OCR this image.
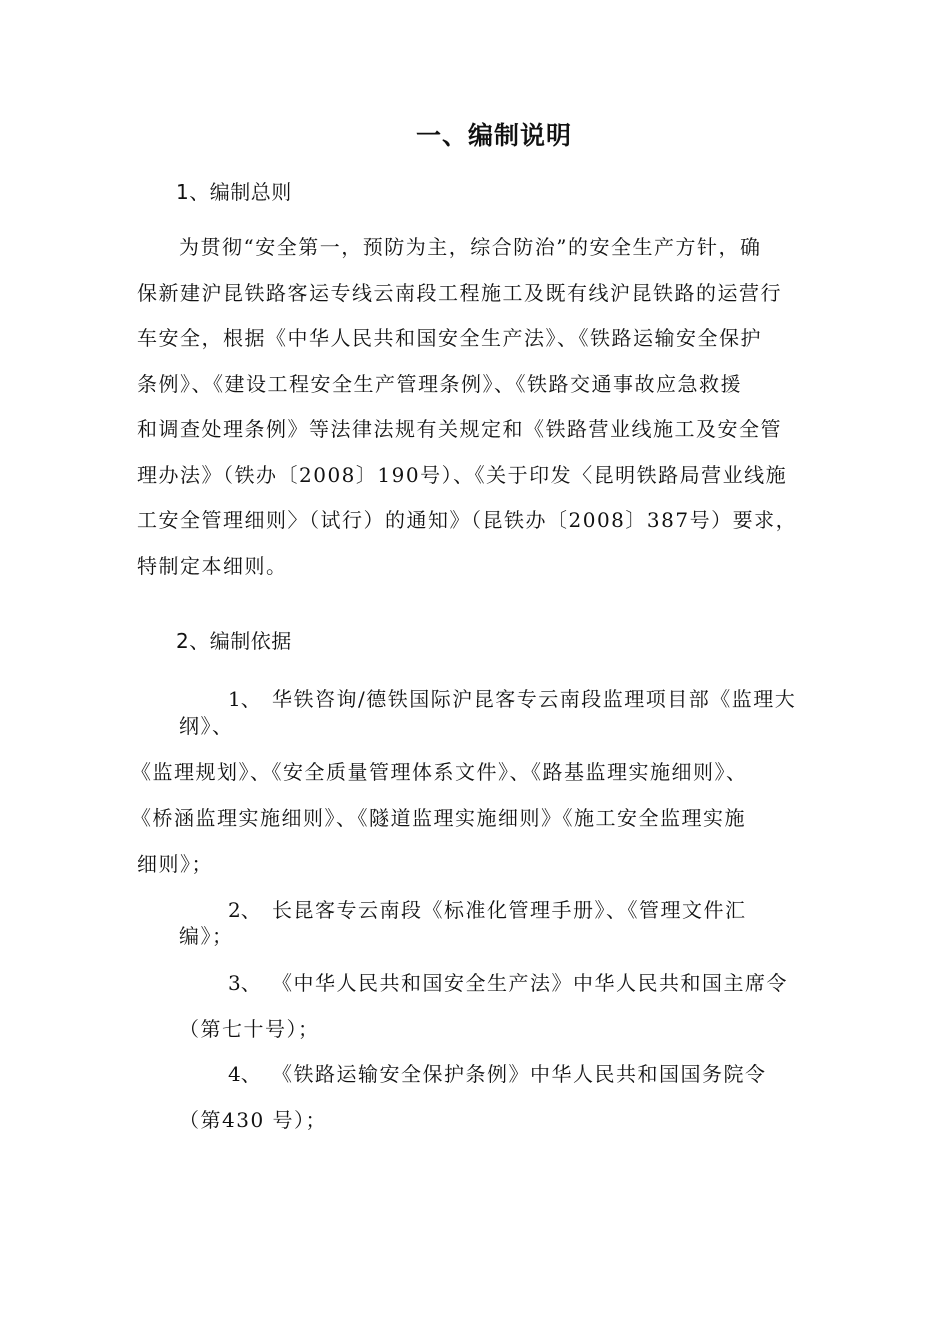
一、编制说明
1、编制总则
为贯彻“安全第一，预防为主，综合防治”的安全生产方针，确
保新建沪昆铁路客运专线云南段工程施工及既有线沪昆铁路的运营行
车安全，根据《中华人民共和国安全生产法》、《铁路运输安全保护
条例》、《建设工程安全生产管理条例》、《铁路交通事故应急救援
和调查处理条例》等法律法规有关规定和《铁路营业线施工及安全管
理办法》（铁办〔2008〕190号）、《关于印发〈昆明铁路局营业线施
工安全管理细则〉（试行）的通知》（昆铁办〔2008〕387号）要求，
特制定本细则。
2、编制依据
1、 华铁咨询/德铁国际沪昆客专云南段监理项目部《监理大
纲》、
《监理规划》、《安全质量管理体系文件》、《路基监理实施细则》、
《桥涵监理实施细则》、《隧道监理实施细则》《施工安全监理实施
细则》；
2、 长昆客专云南段《标准化管理手册》、《管理文件汇
编》；
3、 《中华人民共和国安全生产法》中华人民共和国主席令
（第七十号）；
4、 《铁路运输安全保护条例》中华人民共和国国务院令
（第430 号）；
